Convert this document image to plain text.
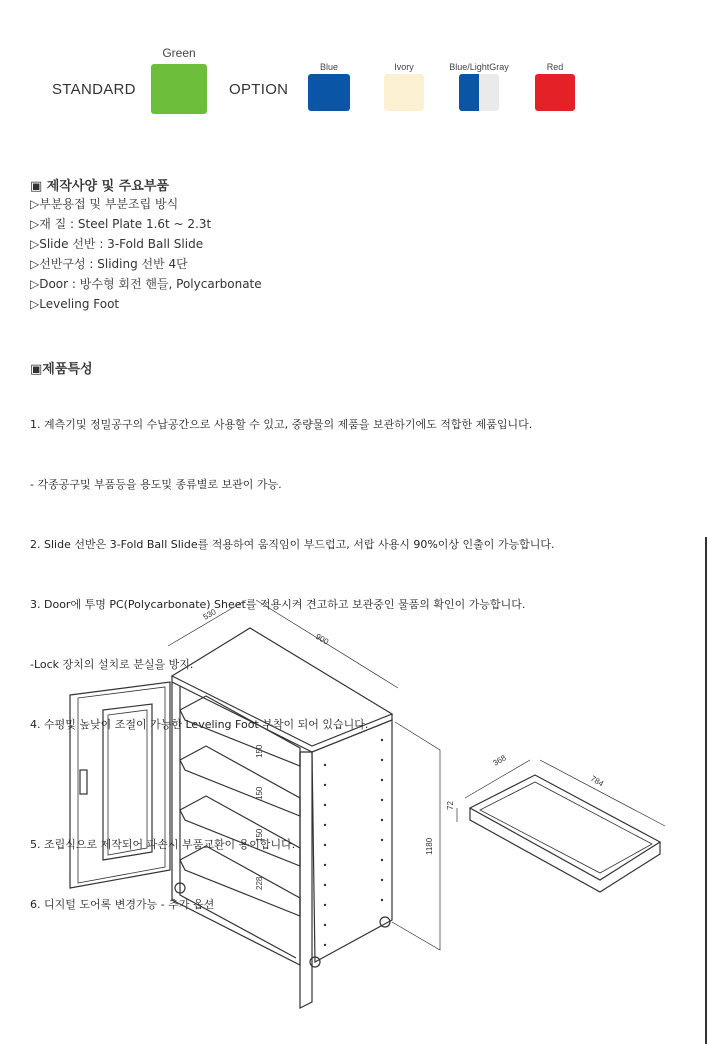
STANDARD
Green
OPTION
Blue	Ivory	Blue/LightGray	Red
▣ 제작사양 및 주요부품
▷부분용접 및 부분조립 방식
▷재 질 : Steel Plate 1.6t ~ 2.3t
▷Slide 선반 : 3-Fold Ball Slide
▷선반구성 : Sliding 선반 4단
▷Door : 방수형 회전 핸들, Polycarbonate
▷Leveling Foot
▣제품특성

1. 계측기및 정밀공구의 수납공간으로 사용할 수 있고, 중량물의 제품을 보관하기에도 적합한 제품입니다.

- 각종공구및 부품등을 용도및 종류별로 보관이 가능.

2. Slide 선반은 3-Fold Ball Slide를 적용하여 움직임이 부드럽고, 서랍 사용시 90%이상 인출이 가능합니다.

3. Door에 투명 PC(Polycarbonate) Sheet를 적용시켜 견고하고 보관중인 물품의 확인이 가능합니다.

-Lock 장치의 설치로 분실을 방지.

4. 수평및 높낮이 조절이 가능한 Leveling Foot 부착이 되어 있습니다.

5. 조립식으로 제작되어 파손시 부품교환이 용이합니다.

6. 디지털 도어록 변경가능 - 추가 옵션

530
900
1180
150
150
150
228
368
784
72
